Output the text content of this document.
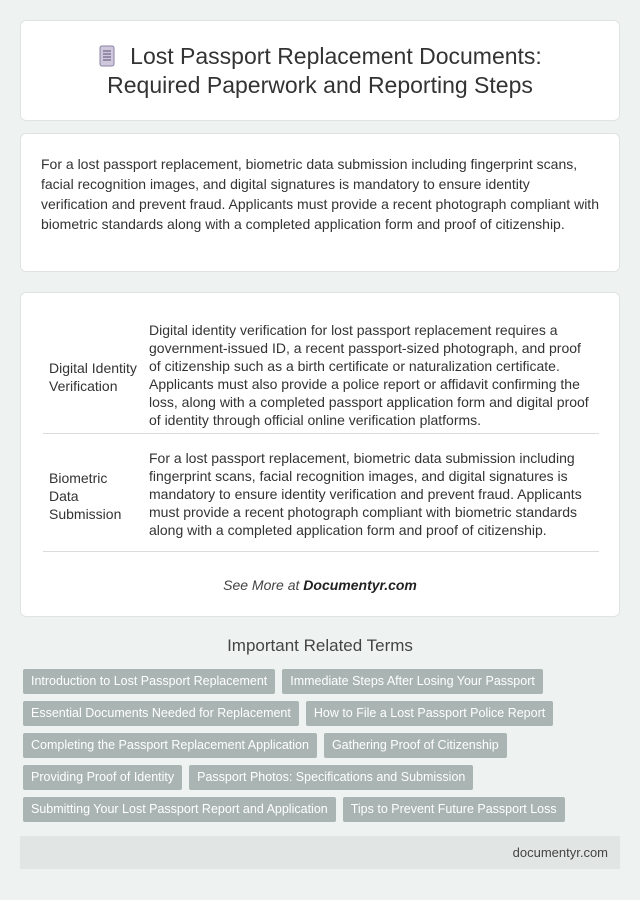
Lost Passport Replacement Documents:
Required Paperwork and Reporting Steps

For a lost passport replacement, biometric data submission including fingerprint scans, facial recognition images, and digital signatures is mandatory to ensure identity verification and prevent fraud. Applicants must provide a recent photograph compliant with biometric standards along with a completed application form and proof of citizenship.

Digital Identity Verification	Digital identity verification for lost passport replacement requires a government-issued ID, a recent passport-sized photograph, and proof of citizenship such as a birth certificate or naturalization certificate. Applicants must also provide a police report or affidavit confirming the loss, along with a completed passport application form and digital proof of identity through official online verification platforms.
Biometric Data Submission	For a lost passport replacement, biometric data submission including fingerprint scans, facial recognition images, and digital signatures is mandatory to ensure identity verification and prevent fraud. Applicants must provide a recent photograph compliant with biometric standards along with a completed application form and proof of citizenship.
See More at Documentyr.com
Important Related Terms
Introduction to Lost Passport Replacement	Immediate Steps After Losing Your Passport
Essential Documents Needed for Replacement	How to File a Lost Passport Police Report
Completing the Passport Replacement Application	Gathering Proof of Citizenship
Providing Proof of Identity	Passport Photos: Specifications and Submission
Submitting Your Lost Passport Report and Application	Tips to Prevent Future Passport Loss
documentyr.com
